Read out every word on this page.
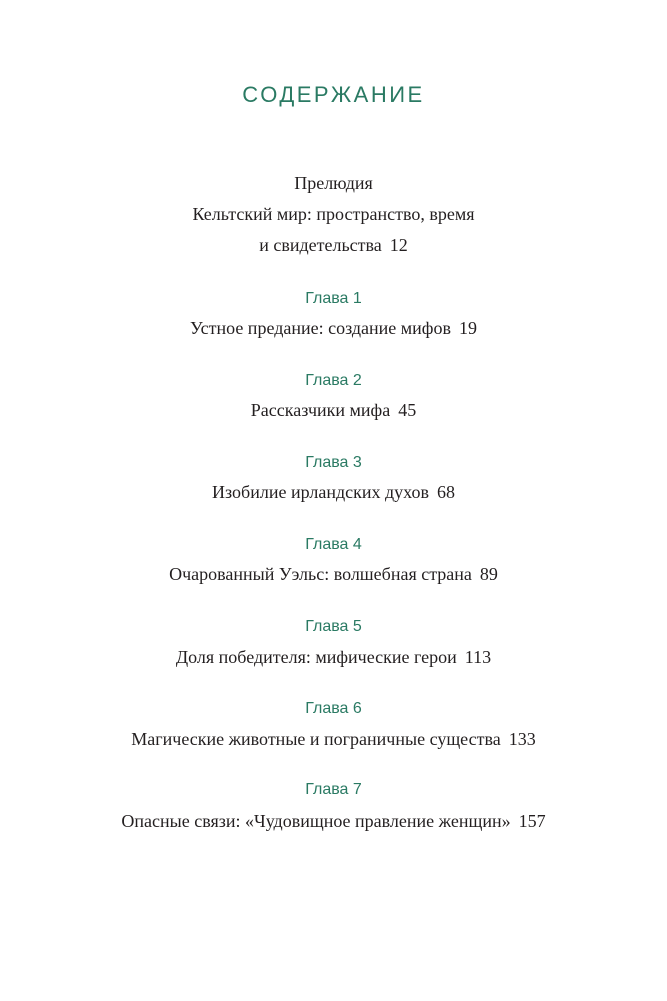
СОДЕРЖАНИЕ
Прелюдия
Кельтский мир: пространство, время
и свидетельства 12
Глава 1
Устное предание: создание мифов 19
Глава 2
Рассказчики мифа 45
Глава 3
Изобилие ирландских духов 68
Глава 4
Очарованный Уэльс: волшебная страна 89
Глава 5
Доля победителя: мифические герои 113
Глава 6
Магические животные и пограничные существа 133
Глава 7
Опасные связи: «Чудовищное правление женщин» 157
